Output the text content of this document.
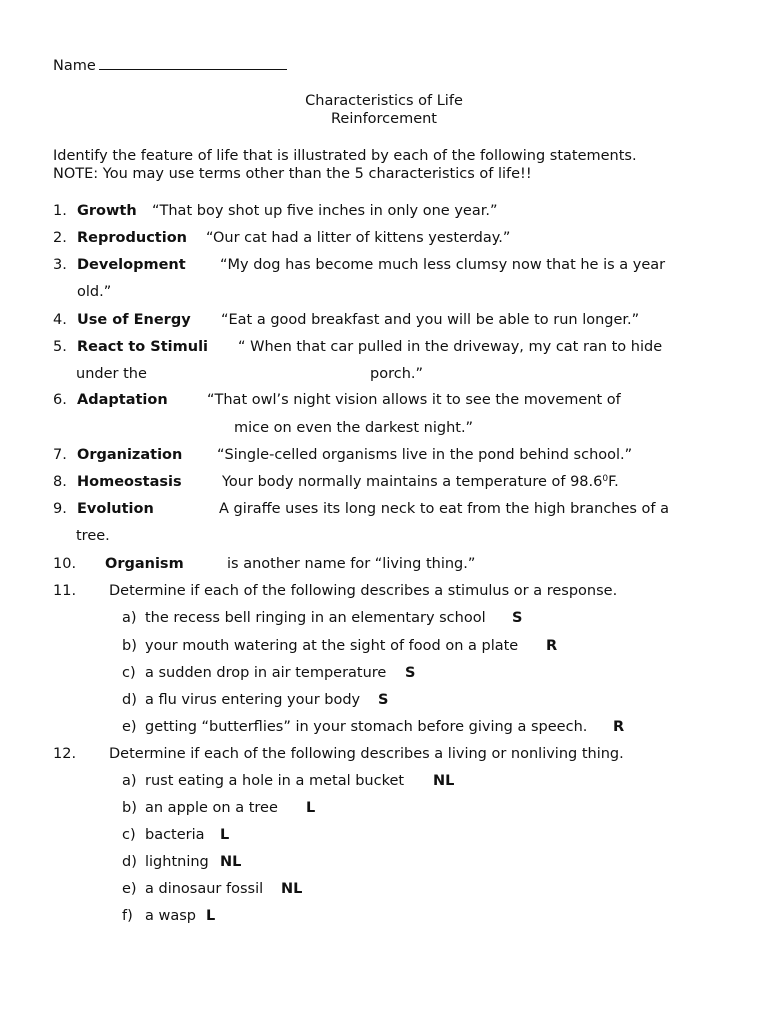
Name
Characteristics of Life
Reinforcement
Identify the feature of life that is illustrated by each of the following statements.
NOTE: You may use terms other than the 5 characteristics of life!!
1. Growth “That boy shot up five inches in only one year.”
2. Reproduction “Our cat had a litter of kittens yesterday.”
3. Development “My dog has become much less clumsy now that he is a year
old.”
4. Use of Energy “Eat a good breakfast and you will be able to run longer.”
5. React to Stimuli “ When that car pulled in the driveway, my cat ran to hide
under the	porch.”
6. Adaptation	“That owl’s night vision allows it to see the movement of
mice on even the darkest night.”
7. Organization “Single-celled organisms live in the pond behind school.”
8. Homeostasis	Your body normally maintains a temperature of 98.6$^0$F.
9. Evolution	A giraffe uses its long neck to eat from the high branches of a
tree.
10. Organism	is another name for “living thing.”
11. Determine if each of the following describes a stimulus or a response.
a) the recess bell ringing in an elementary school S
b) your mouth watering at the sight of food on a plate R
c) a sudden drop in air temperature S
d) a flu virus entering your body S
e) getting “butterflies” in your stomach before giving a speech. R
12. Determine if each of the following describes a living or nonliving thing.
a) rust eating a hole in a metal bucket NL
b) an apple on a tree L
c) bacteria L
d) lightning NL
e) a dinosaur fossil NL
f) a wasp L
